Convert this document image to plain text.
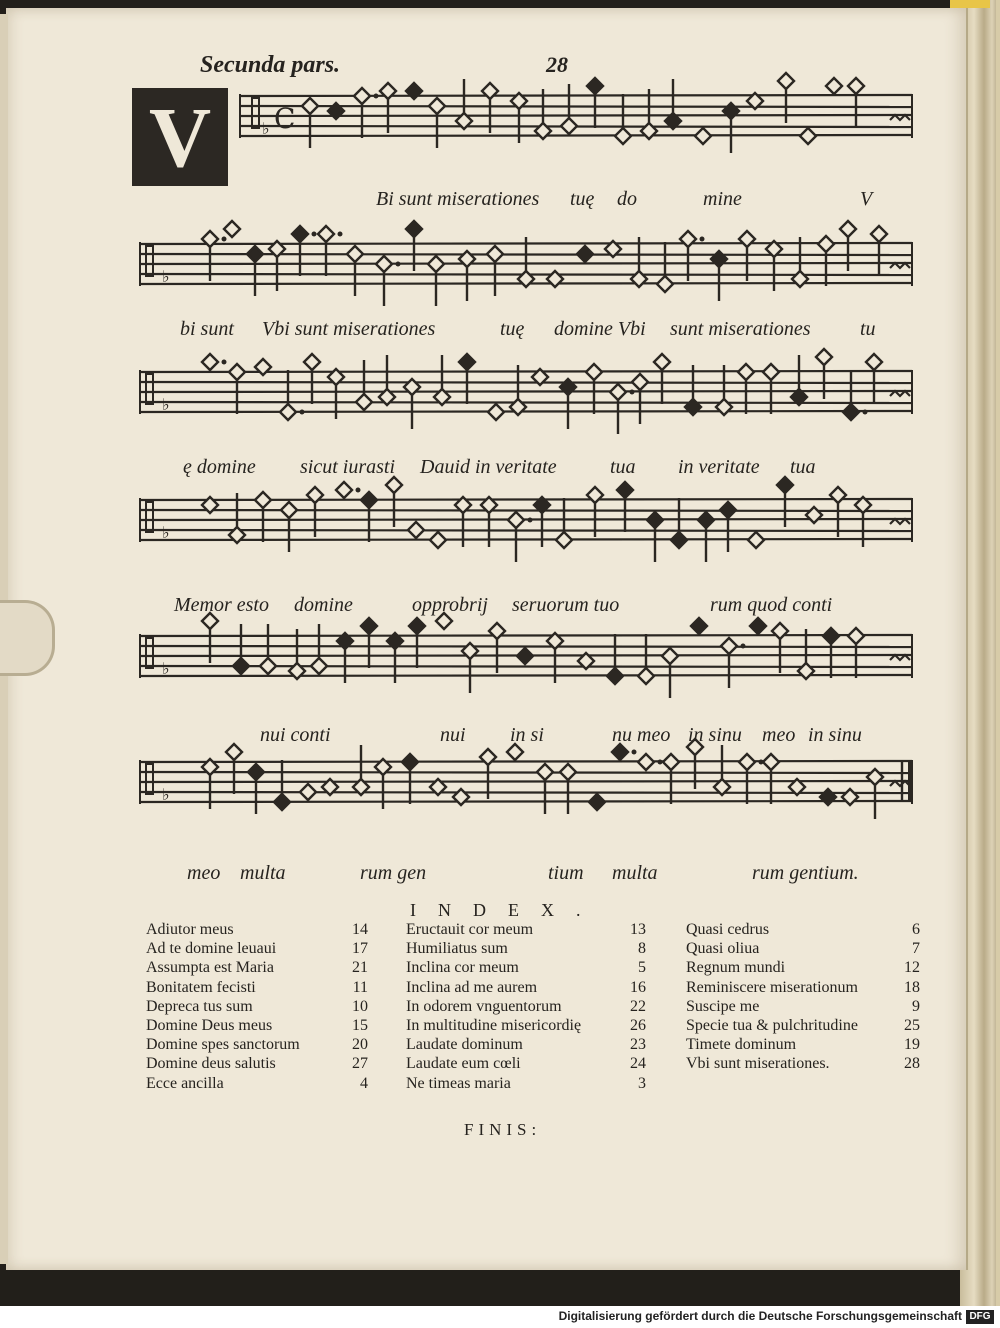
Secunda pars.	28
V	♭ C
♭
♭
♭
♭
♭
Bi sunt miserationes tuę do	mine	V
bi sunt Vbi sunt miserationes	tuę domine Vbi sunt miserationes tu
ę domine sicut iurasti Dauid in veritate	tua in veritate tua
Memor esto domine	opprobrij seruorum tuo	rum quod conti
nui conti	nui in si	nu meo in sinu meo in sinu
meo multa	rum gen	tium multa	rum gentium.
INDEX.
Adiutor meus	14
Ad te domine leuaui	17
Assumpta est Maria	21
Bonitatem fecisti	11
Depreca tus sum	10
Domine Deus meus	15
Domine spes sanctorum	20
Domine deus salutis	27
Ecce ancilla	4
Eructauit cor meum	13
Humiliatus sum	8
Inclina cor meum	5
Inclina ad me aurem	16
In odorem vnguentorum	22
In multitudine misericordię	26
Laudate dominum	23
Laudate eum cœli	24
Ne timeas maria	3
Quasi cedrus	6
Quasi oliua	7
Regnum mundi	12
Reminiscere miserationum	18
Suscipe me	9
Specie tua & pulchritudine	25
Timete dominum	19
Vbi sunt miserationes.	28
FINIS:
Digitalisierung gefördert durch die Deutsche Forschungsgemeinschaft DFG
